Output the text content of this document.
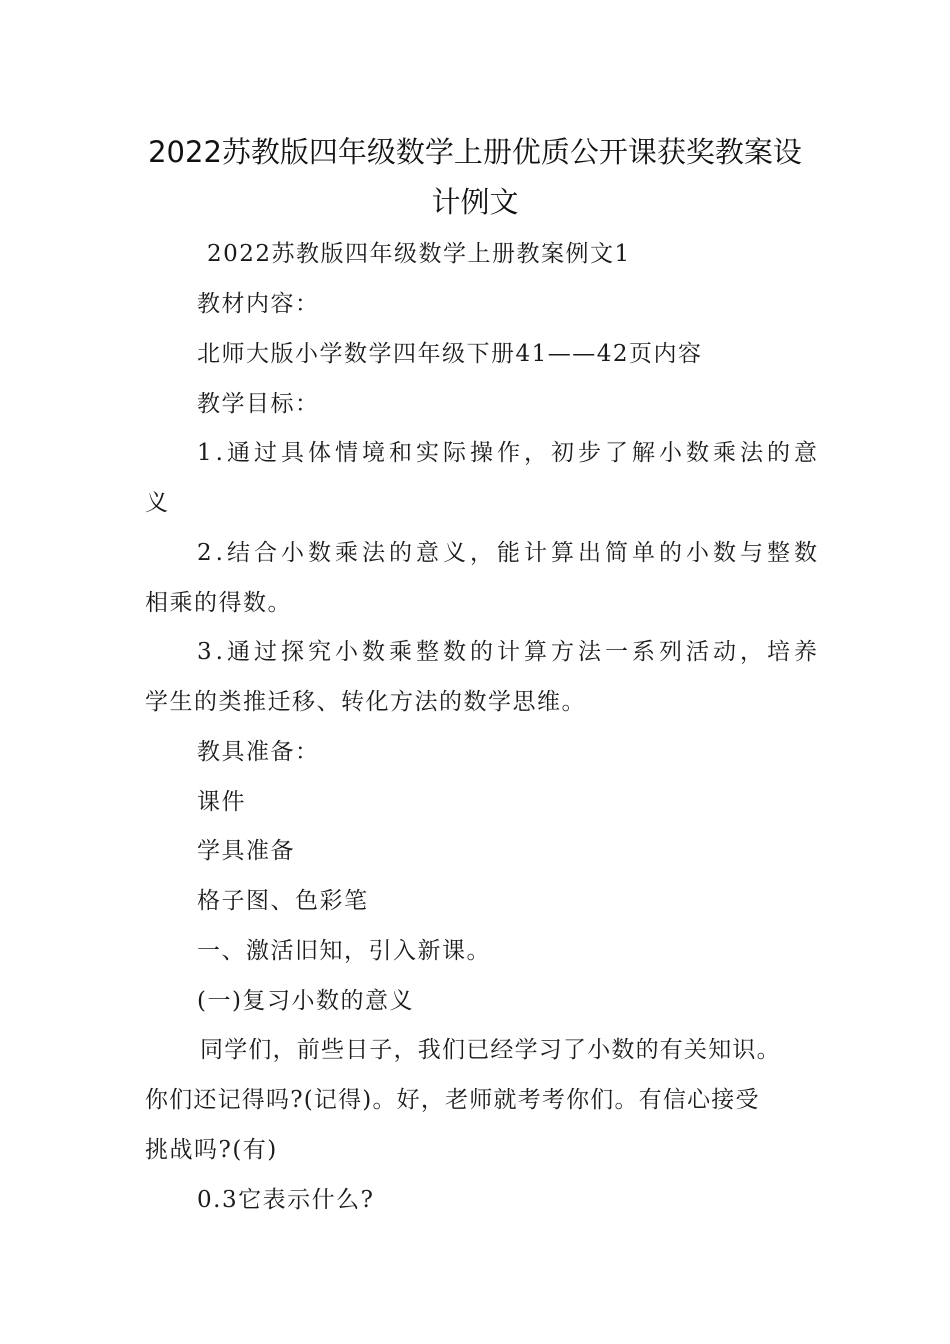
2022苏教版四年级数学上册优质公开课获奖教案设
计例文
2022苏教版四年级数学上册教案例文1
教材内容：
北师大版小学数学四年级下册41——42页内容
教学目标：
1.通过具体情境和实际操作，初步了解小数乘法的意
义
2.结合小数乘法的意义，能计算出简单的小数与整数
相乘的得数。
3.通过探究小数乘整数的计算方法一系列活动，培养
学生的类推迁移、转化方法的数学思维。
教具准备：
课件
学具准备
格子图、色彩笔
一、激活旧知，引入新课。
(一)复习小数的意义
同学们，前些日子，我们已经学习了小数的有关知识。
你们还记得吗?(记得)。好，老师就考考你们。有信心接受
挑战吗?(有)
0.3它表示什么?
